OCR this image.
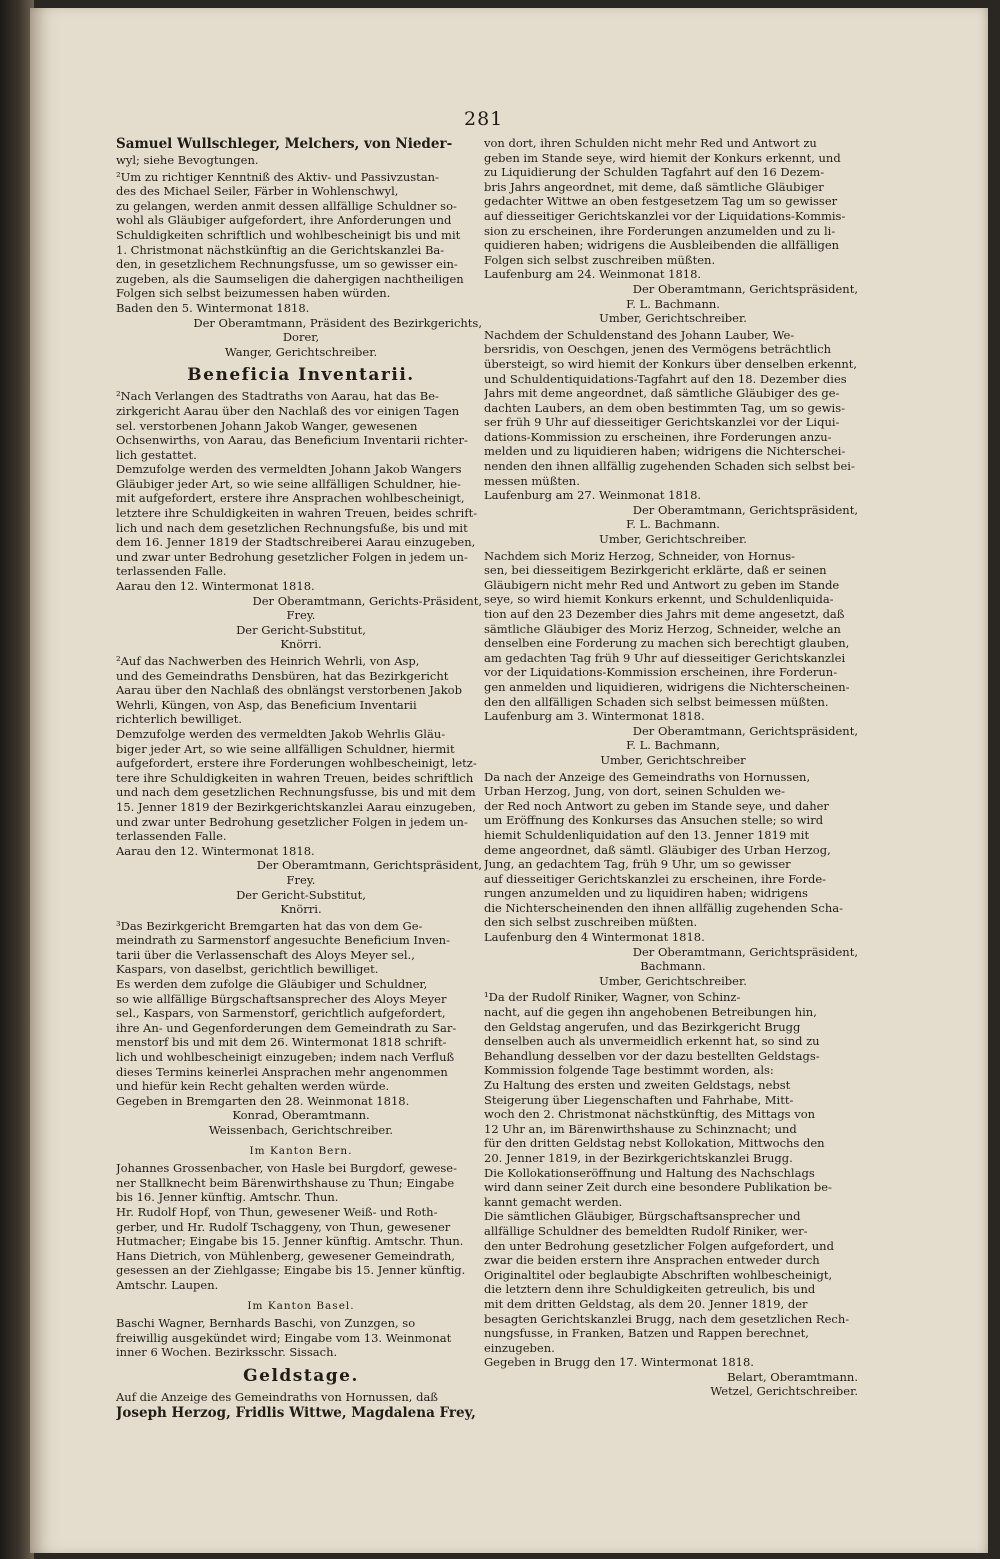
281
Samuel Wullschleger, Melchers, von Nieder-
wyl; siehe Bevogtungen.
²Um zu richtiger Kenntniß des Aktiv- und Passivzustan-
des des Michael Seiler, Färber in Wohlenschwyl,
zu gelangen, werden anmit dessen allfällige Schuldner so-
wohl als Gläubiger aufgefordert, ihre Anforderungen und
Schuldigkeiten schriftlich und wohlbescheinigt bis und mit
1. Christmonat nächstkünftig an die Gerichtskanzlei Ba-
den, in gesetzlichem Rechnungsfusse, um so gewisser ein-
zugeben, als die Saumseligen die dahergigen nachtheiligen
Folgen sich selbst beizumessen haben würden.
Baden den 5. Wintermonat 1818.
Der Oberamtmann, Präsident des Bezirkgerichts,
Dorer,
Wanger, Gerichtschreiber.
Beneficia Inventarii.
²Nach Verlangen des Stadtraths von Aarau, hat das Be-
zirkgericht Aarau über den Nachlaß des vor einigen Tagen
sel. verstorbenen Johann Jakob Wanger, gewesenen
Ochsenwirths, von Aarau, das Beneficium Inventarii richter-
lich gestattet.
Demzufolge werden des vermeldten Johann Jakob Wangers
Gläubiger jeder Art, so wie seine allfälligen Schuldner, hie-
mit aufgefordert, erstere ihre Ansprachen wohlbescheinigt,
letztere ihre Schuldigkeiten in wahren Treuen, beides schrift-
lich und nach dem gesetzlichen Rechnungsfuße, bis und mit
dem 16. Jenner 1819 der Stadtschreiberei Aarau einzugeben,
und zwar unter Bedrohung gesetzlicher Folgen in jedem un-
terlassenden Falle.
Aarau den 12. Wintermonat 1818.
Der Oberamtmann, Gerichts-Präsident,
Frey.
Der Gericht-Substitut,
Knörri.
²Auf das Nachwerben des Heinrich Wehrli, von Asp,
und des Gemeindraths Densbüren, hat das Bezirkgericht
Aarau über den Nachlaß des obnlängst verstorbenen Jakob
Wehrli, Küngen, von Asp, das Beneficium Inventarii
richterlich bewilliget.
Demzufolge werden des vermeldten Jakob Wehrlis Gläu-
biger jeder Art, so wie seine allfälligen Schuldner, hiermit
aufgefordert, erstere ihre Forderungen wohlbescheinigt, letz-
tere ihre Schuldigkeiten in wahren Treuen, beides schriftlich
und nach dem gesetzlichen Rechnungsfusse, bis und mit dem
15. Jenner 1819 der Bezirkgerichtskanzlei Aarau einzugeben,
und zwar unter Bedrohung gesetzlicher Folgen in jedem un-
terlassenden Falle.
Aarau den 12. Wintermonat 1818.
Der Oberamtmann, Gerichtspräsident,
Frey.
Der Gericht-Substitut,
Knörri.
³Das Bezirkgericht Bremgarten hat das von dem Ge-
meindrath zu Sarmenstorf angesuchte Beneficium Inven-
tarii über die Verlassenschaft des Aloys Meyer sel.,
Kaspars, von daselbst, gerichtlich bewilliget.
Es werden dem zufolge die Gläubiger und Schuldner,
so wie allfällige Bürgschaftsansprecher des Aloys Meyer
sel., Kaspars, von Sarmenstorf, gerichtlich aufgefordert,
ihre An- und Gegenforderungen dem Gemeindrath zu Sar-
menstorf bis und mit dem 26. Wintermonat 1818 schrift-
lich und wohlbescheinigt einzugeben; indem nach Verfluß
dieses Termins keinerlei Ansprachen mehr angenommen
und hiefür kein Recht gehalten werden würde.
Gegeben in Bremgarten den 28. Weinmonat 1818.
Konrad, Oberamtmann.
Weissenbach, Gerichtschreiber.
Im Kanton Bern.
Johannes Grossenbacher, von Hasle bei Burgdorf, gewese-
ner Stallknecht beim Bärenwirthshause zu Thun; Eingabe
bis 16. Jenner künftig. Amtschr. Thun.
Hr. Rudolf Hopf, von Thun, gewesener Weiß- und Roth-
gerber, und Hr. Rudolf Tschaggeny, von Thun, gewesener
Hutmacher; Eingabe bis 15. Jenner künftig. Amtschr. Thun.
Hans Dietrich, von Mühlenberg, gewesener Gemeindrath,
gesessen an der Ziehlgasse; Eingabe bis 15. Jenner künftig.
Amtschr. Laupen.
Im Kanton Basel.
Baschi Wagner, Bernhards Baschi, von Zunzgen, so
freiwillig ausgekündet wird; Eingabe vom 13. Weinmonat
inner 6 Wochen. Bezirksschr. Sissach.
Geldstage.
Auf die Anzeige des Gemeindraths von Hornussen, daß
Joseph Herzog, Fridlis Wittwe, Magdalena Frey,
von dort, ihren Schulden nicht mehr Red und Antwort zu
geben im Stande seye, wird hiemit der Konkurs erkennt, und
zu Liquidierung der Schulden Tagfahrt auf den 16 Dezem-
bris Jahrs angeordnet, mit deme, daß sämtliche Gläubiger
gedachter Wittwe an oben festgesetzem Tag um so gewisser
auf diesseitiger Gerichtskanzlei vor der Liquidations-Kommis-
sion zu erscheinen, ihre Forderungen anzumelden und zu li-
quidieren haben; widrigens die Ausbleibenden die allfälligen
Folgen sich selbst zuschreiben müßten.
Laufenburg am 24. Weinmonat 1818.
Der Oberamtmann, Gerichtspräsident,
F. L. Bachmann.
Umber, Gerichtschreiber.
Nachdem der Schuldenstand des Johann Lauber, We-
bersridis, von Oeschgen, jenen des Vermögens beträchtlich
übersteigt, so wird hiemit der Konkurs über denselben erkennt,
und Schuldentiquidations-Tagfahrt auf den 18. Dezember dies
Jahrs mit deme angeordnet, daß sämtliche Gläubiger des ge-
dachten Laubers, an dem oben bestimmten Tag, um so gewis-
ser früh 9 Uhr auf diesseitiger Gerichtskanzlei vor der Liqui-
dations-Kommission zu erscheinen, ihre Forderungen anzu-
melden und zu liquidieren haben; widrigens die Nichterschei-
nenden den ihnen allfällig zugehenden Schaden sich selbst bei-
messen müßten.
Laufenburg am 27. Weinmonat 1818.
Der Oberamtmann, Gerichtspräsident,
F. L. Bachmann.
Umber, Gerichtschreiber.
Nachdem sich Moriz Herzog, Schneider, von Hornus-
sen, bei diesseitigem Bezirkgericht erklärte, daß er seinen
Gläubigern nicht mehr Red und Antwort zu geben im Stande
seye, so wird hiemit Konkurs erkennt, und Schuldenliquida-
tion auf den 23 Dezember dies Jahrs mit deme angesetzt, daß
sämtliche Gläubiger des Moriz Herzog, Schneider, welche an
denselben eine Forderung zu machen sich berechtigt glauben,
am gedachten Tag früh 9 Uhr auf diesseitiger Gerichtskanzlei
vor der Liquidations-Kommission erscheinen, ihre Forderun-
gen anmelden und liquidieren, widrigens die Nichterscheinen-
den den allfälligen Schaden sich selbst beimessen müßten.
Laufenburg am 3. Wintermonat 1818.
Der Oberamtmann, Gerichtspräsident,
F. L. Bachmann,
Umber, Gerichtschreiber
Da nach der Anzeige des Gemeindraths von Hornussen,
Urban Herzog, Jung, von dort, seinen Schulden we-
der Red noch Antwort zu geben im Stande seye, und daher
um Eröffnung des Konkurses das Ansuchen stelle; so wird
hiemit Schuldenliquidation auf den 13. Jenner 1819 mit
deme angeordnet, daß sämtl. Gläubiger des Urban Herzog,
Jung, an gedachtem Tag, früh 9 Uhr, um so gewisser
auf diesseitiger Gerichtskanzlei zu erscheinen, ihre Forde-
rungen anzumelden und zu liquidiren haben; widrigens
die Nichterscheinenden den ihnen allfällig zugehenden Scha-
den sich selbst zuschreiben müßten.
Laufenburg den 4 Wintermonat 1818.
Der Oberamtmann, Gerichtspräsident,
Bachmann.
Umber, Gerichtschreiber.
¹Da der Rudolf Riniker, Wagner, von Schinz-
nacht, auf die gegen ihn angehobenen Betreibungen hin,
den Geldstag angerufen, und das Bezirkgericht Brugg
denselben auch als unvermeidlich erkennt hat, so sind zu
Behandlung desselben vor der dazu bestellten Geldstags-
Kommission folgende Tage bestimmt worden, als:
Zu Haltung des ersten und zweiten Geldstags, nebst
Steigerung über Liegenschaften und Fahrhabe, Mitt-
woch den 2. Christmonat nächstkünftig, des Mittags von
12 Uhr an, im Bärenwirthshause zu Schinznacht; und
für den dritten Geldstag nebst Kollokation, Mittwochs den
20. Jenner 1819, in der Bezirkgerichtskanzlei Brugg.
Die Kollokationseröffnung und Haltung des Nachschlags
wird dann seiner Zeit durch eine besondere Publikation be-
kannt gemacht werden.
Die sämtlichen Gläubiger, Bürgschaftsansprecher und
allfällige Schuldner des bemeldten Rudolf Riniker, wer-
den unter Bedrohung gesetzlicher Folgen aufgefordert, und
zwar die beiden erstern ihre Ansprachen entweder durch
Originaltitel oder beglaubigte Abschriften wohlbescheinigt,
die letztern denn ihre Schuldigkeiten getreulich, bis und
mit dem dritten Geldstag, als dem 20. Jenner 1819, der
besagten Gerichtskanzlei Brugg, nach dem gesetzlichen Rech-
nungsfusse, in Franken, Batzen und Rappen berechnet,
einzugeben.
Gegeben in Brugg den 17. Wintermonat 1818.
Belart, Oberamtmann.
Wetzel, Gerichtschreiber.
